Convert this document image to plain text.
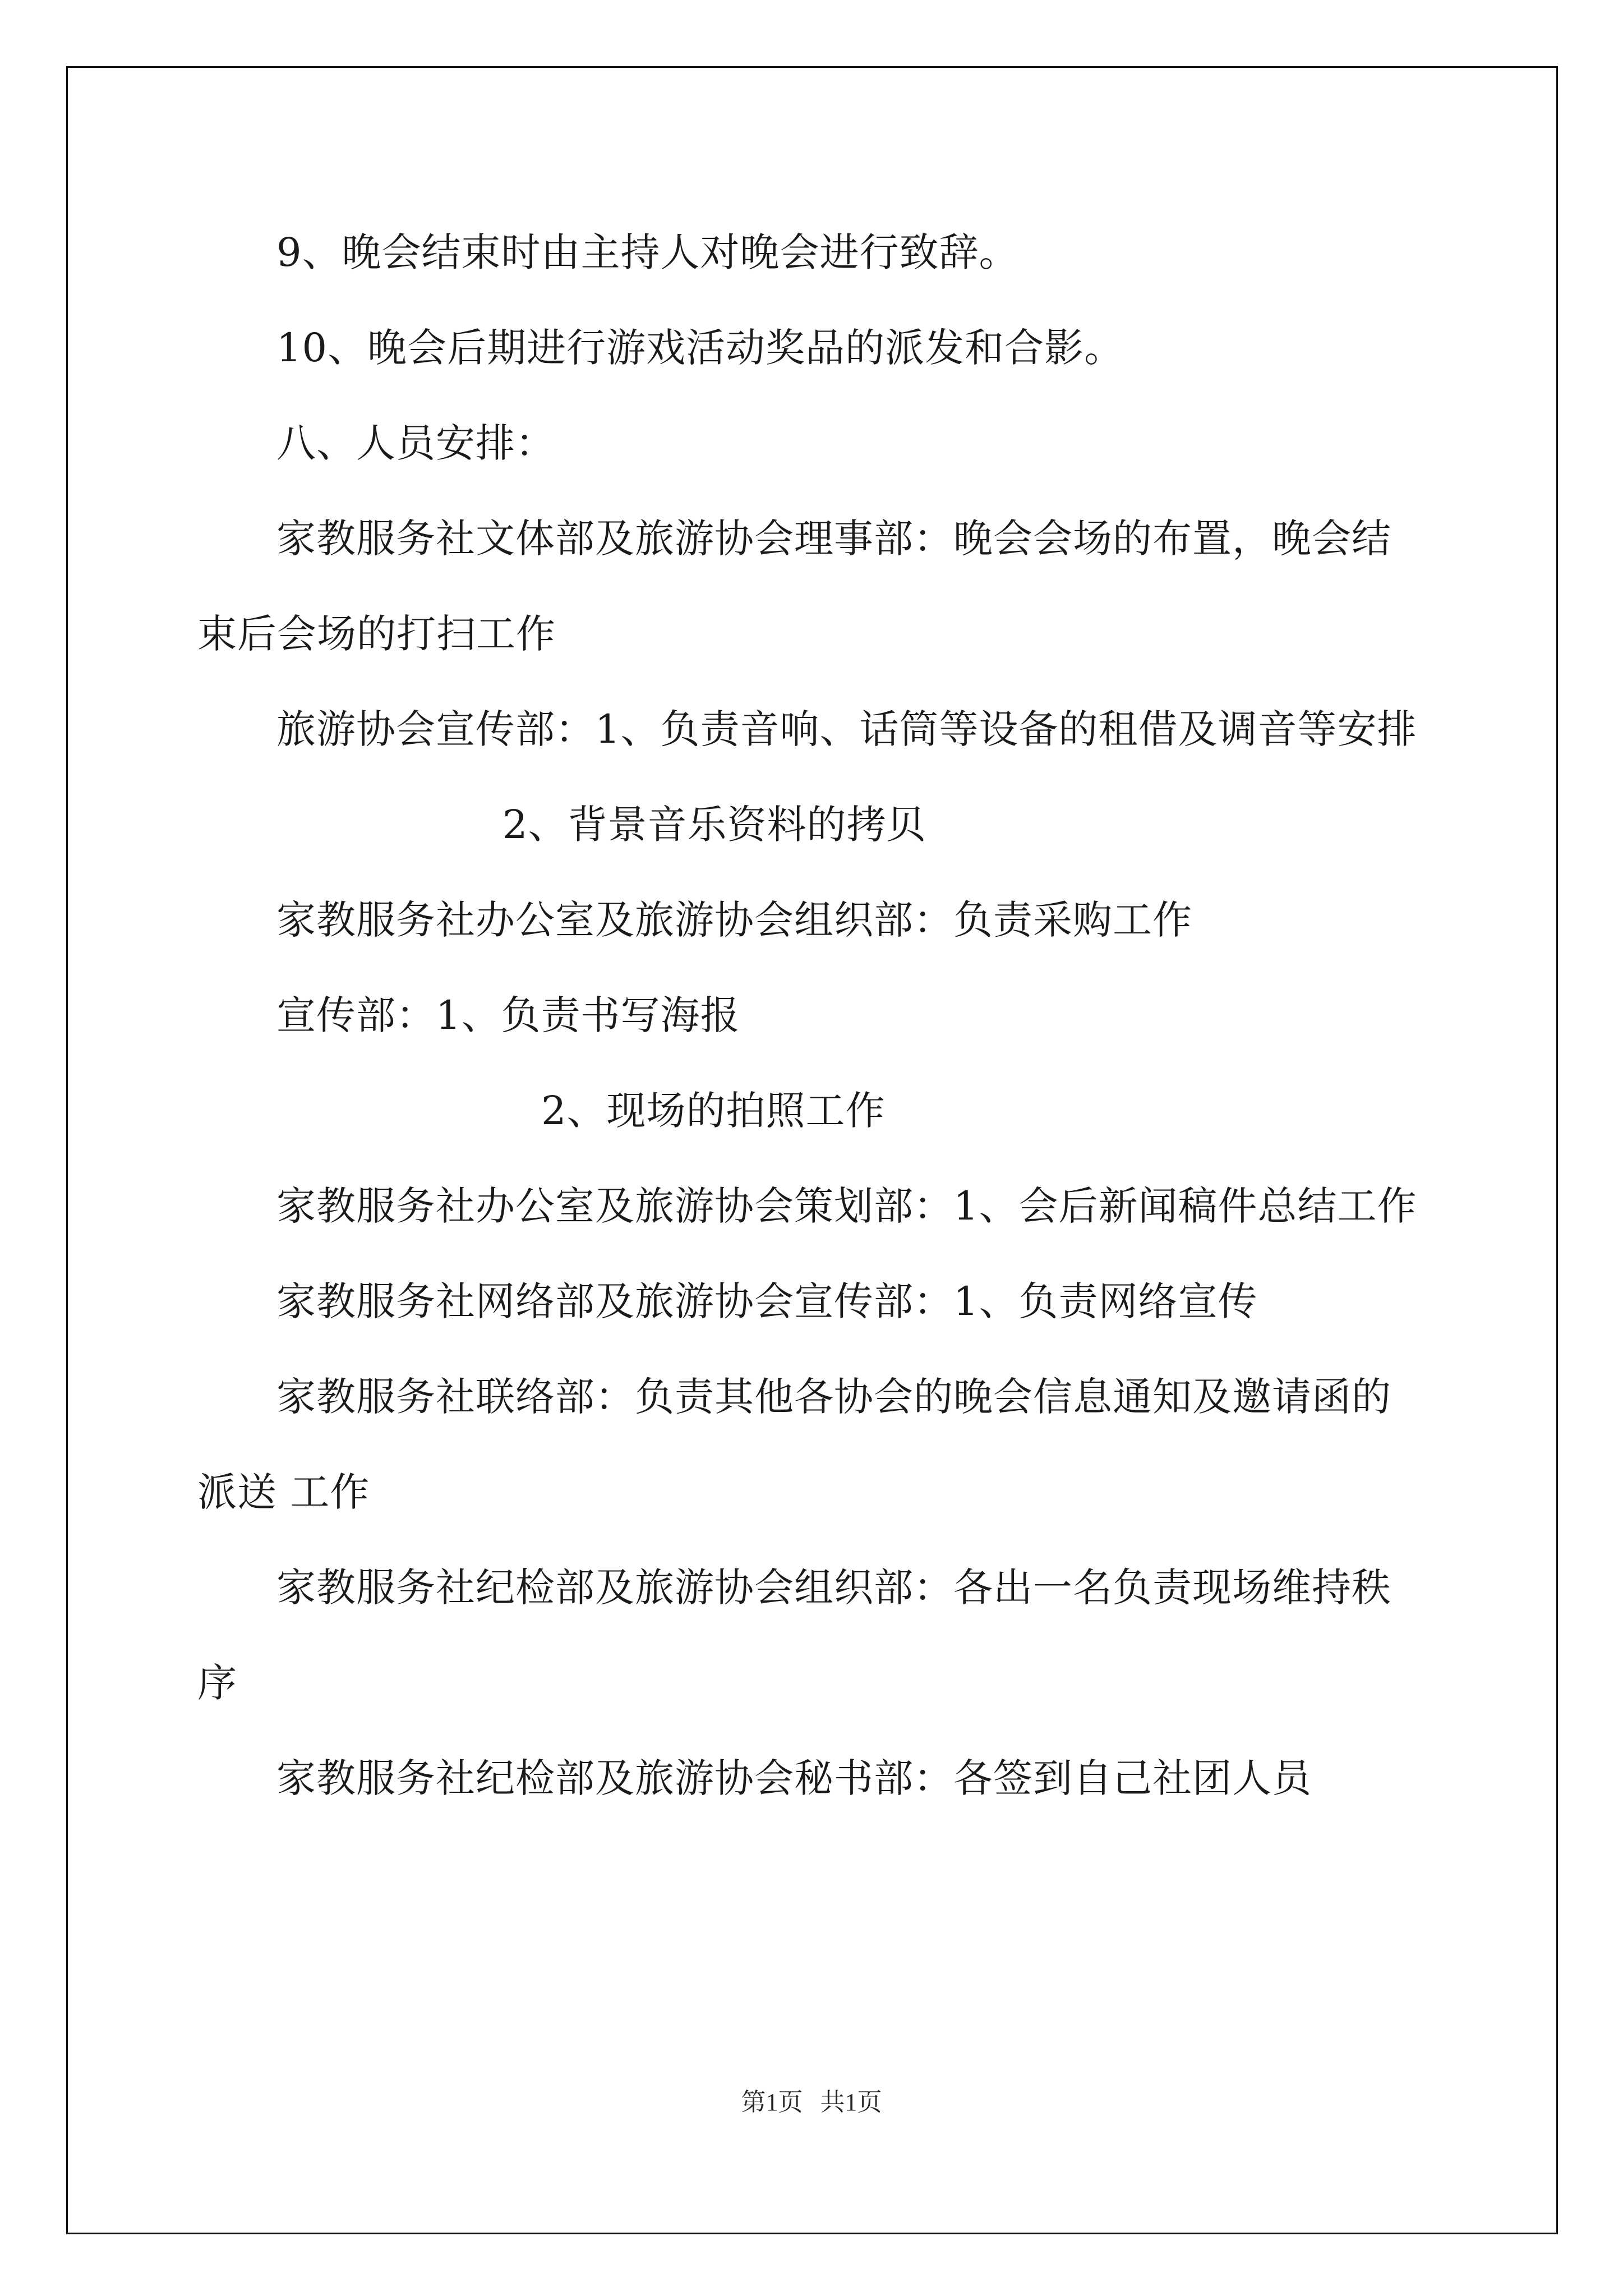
9、晚会结束时由主持人对晚会进行致辞。
10、晚会后期进行游戏活动奖品的派发和合影。
八、人员安排：
家教服务社文体部及旅游协会理事部：晚会会场的布置，晚会结
束后会场的打扫工作
旅游协会宣传部：1、负责音响、话筒等设备的租借及调音等安排
2、背景音乐资料的拷贝
家教服务社办公室及旅游协会组织部：负责采购工作
宣传部：1、负责书写海报
2、现场的拍照工作
家教服务社办公室及旅游协会策划部：1、会后新闻稿件总结工作
家教服务社网络部及旅游协会宣传部：1、负责网络宣传
家教服务社联络部：负责其他各协会的晚会信息通知及邀请函的
派送 工作
家教服务社纪检部及旅游协会组织部：各出一名负责现场维持秩
序
家教服务社纪检部及旅游协会秘书部：各签到自己社团人员
第1页 共1页
